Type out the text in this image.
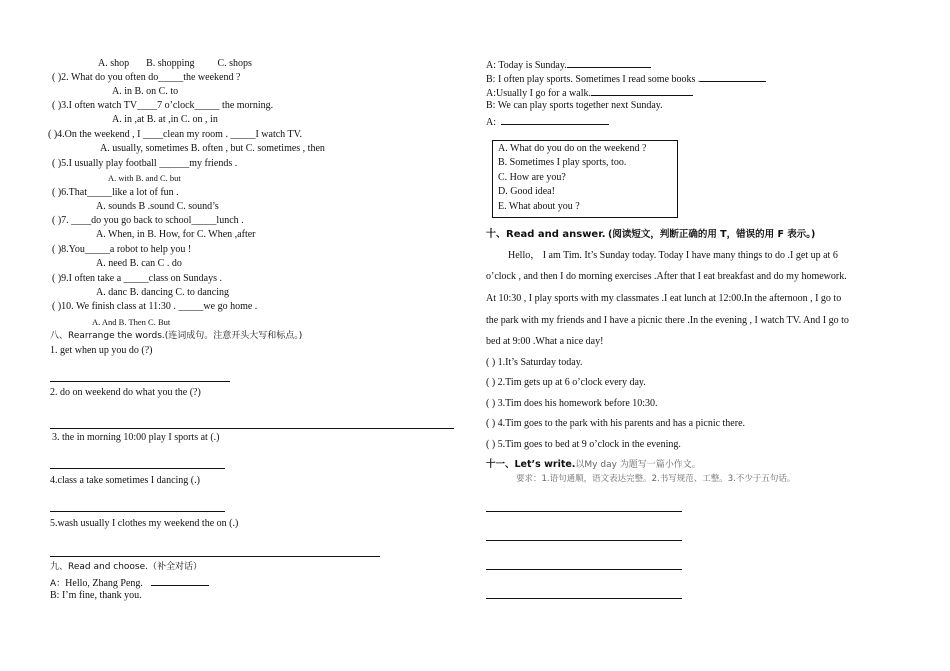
A. shop B. shopping C. shops
( )2. What do you often do_____the weekend ?
A. in B. on C. to
( )3.I often watch TV____7 o’clock_____ the morning.
A. in ,at B. at ,in C. on , in
( )4.On the weekend , I ____clean my room . _____I watch TV.
A. usually, sometimes B. often , but C. sometimes , then
( )5.I usually play football ______my friends .
A. with B. and C. but
( )6.That_____like a lot of fun .
A. sounds B .sound C. sound’s
( )7. ____do you go back to school_____lunch .
A. When, in B. How, for C. When ,after
( )8.You_____a robot to help you !
A. need B. can C . do
( )9.I often take a _____class on Sundays .
A. danc B. dancing C. to dancing
( )10. We finish class at 11:30 . _____we go home .
A. And B. Then C. But
八、Rearrange the words.(连词成句。注意开头大写和标点。)
1. get when up you do (?)
2. do on weekend do what you the (?)
3. the in morning 10:00 play I sports at (.)
4.class a take sometimes I dancing (.)
5.wash usually I clothes my weekend the on (.)
九、Read and choose.（补全对话）
A：Hello, Zhang Peng.
B: I’m fine, thank you.
A: Today is Sunday.
B: I often play sports. Sometimes I read some books .
A:Usually I go for a walk.
B: We can play sports together next Sunday.
A:
A. What do you do on the weekend ?
B. Sometimes I play sports, too.
C. How are you?
D. Good idea!
E. What about you ?
十、Read and answer. (阅读短文，判断正确的用 T，错误的用 F 表示。)
Hello， I am Tim. It’s Sunday today. Today I have many things to do .I get up at 6
o’clock , and then I do morning exercises .After that I eat breakfast and do my homework.
At 10:30 , I play sports with my classmates .I eat lunch at 12:00.In the afternoon , I go to
the park with my friends and I have a picnic there .In the evening , I watch TV. And I go to
bed at 9:00 .What a nice day!
( ) 1.It’s Saturday today.
( ) 2.Tim gets up at 6 o’clock every day.
( ) 3.Tim does his homework before 10:30.
( ) 4.Tim goes to the park with his parents and has a picnic there.
( ) 5.Tim goes to bed at 9 o’clock in the evening.
十一、Let’s write.以My day 为题写一篇小作文。
要求：1.语句通顺，语文表达完整。2.书写规范、工整。3.不少于五句话。
